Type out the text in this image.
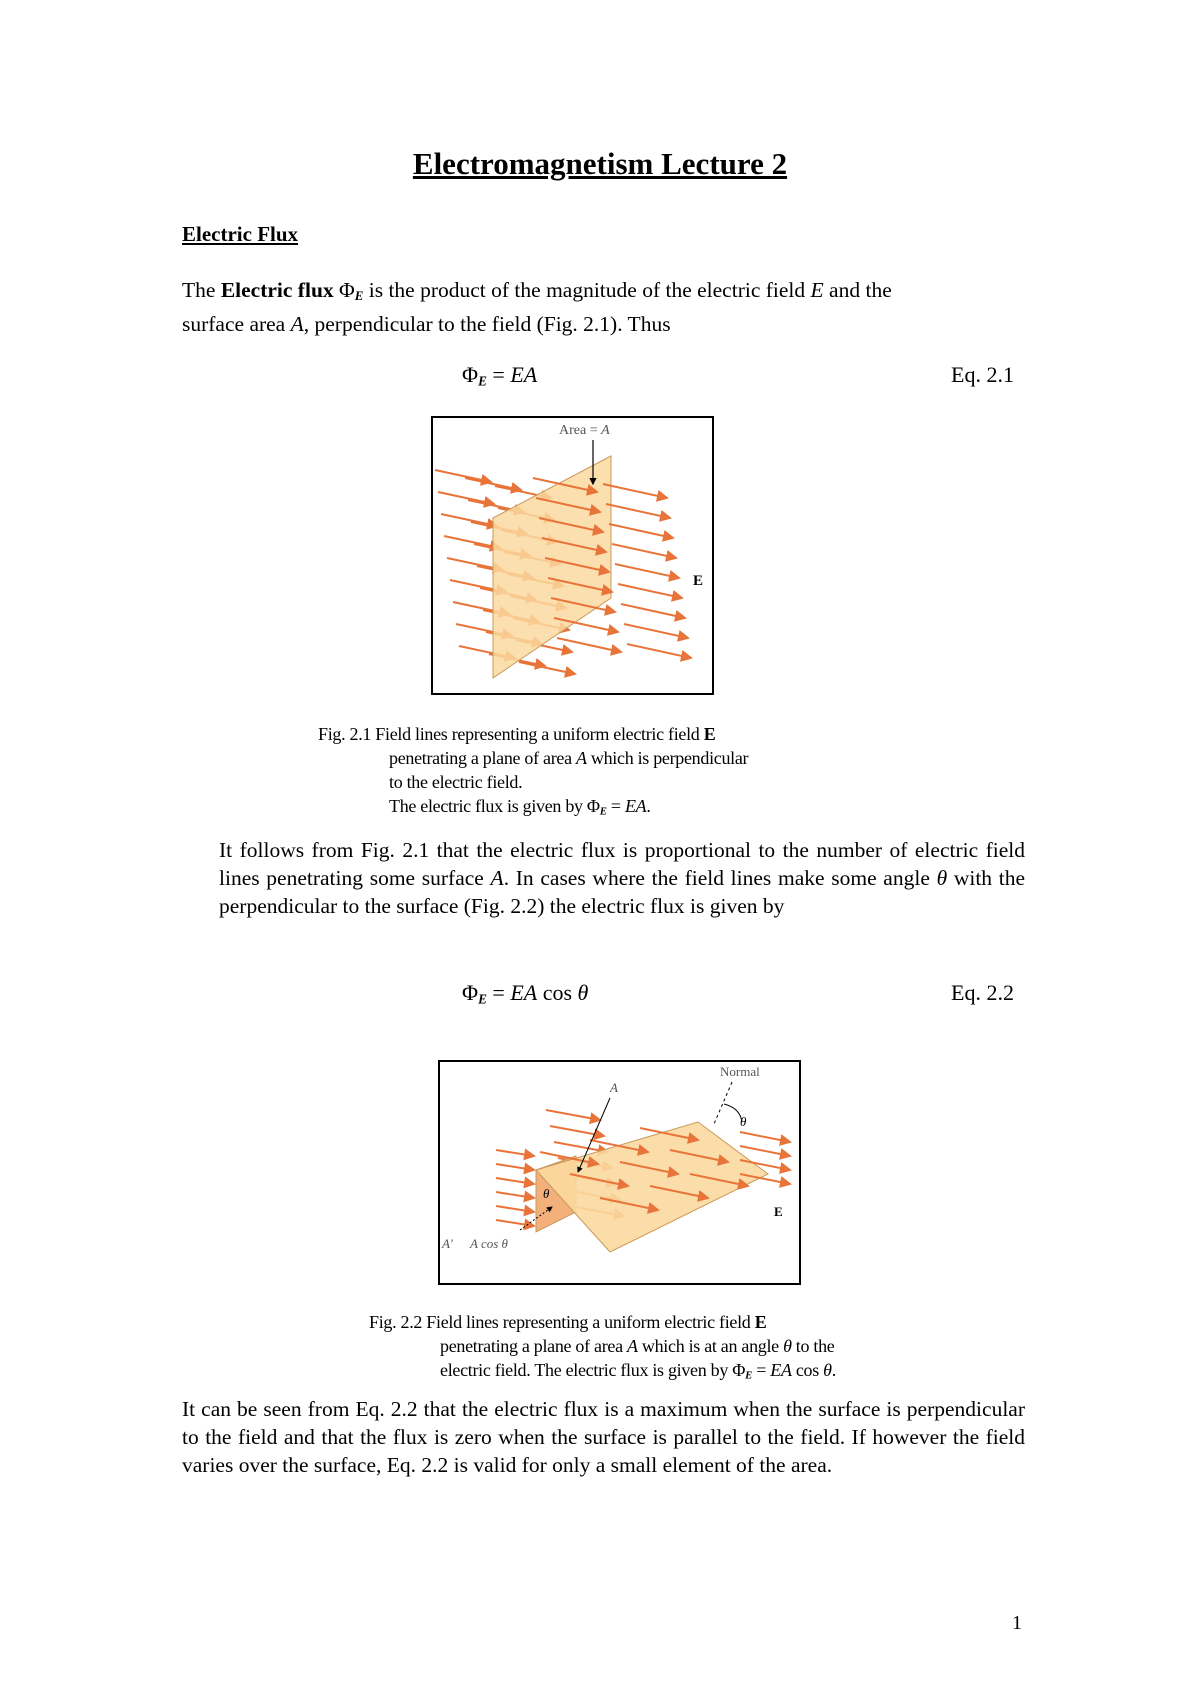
Electromagnetism Lecture 2
Electric Flux
The Electric flux $\Phi_E$ is the product of the magnitude of the electric field E and the
surface area A, perpendicular to the field (Fig. 2.1). Thus
$\Phi_E$ = EA	Eq. 2.1
Area = A
E
Fig. 2.1 Field lines representing a uniform electric field E
penetrating a plane of area A which is perpendicular
to the electric field.
The electric flux is given by $\Phi_E$ = EA.
It follows from Fig. 2.1 that the electric flux is proportional to the number of electric field lines penetrating some surface A. In cases where the field lines make some angle θ with the perpendicular to the surface (Fig. 2.2) the electric flux is given by
$\Phi_E$ = EA cos θ	Eq. 2.2
Normal
A
θ
θ
E
A′ A cos θ
Fig. 2.2 Field lines representing a uniform electric field E
penetrating a plane of area A which is at an angle θ to the
electric field. The electric flux is given by $\Phi_E$ = EA cos θ.
It can be seen from Eq. 2.2 that the electric flux is a maximum when the surface is perpendicular to the field and that the flux is zero when the surface is parallel to the field. If however the field varies over the surface, Eq. 2.2 is valid for only a small element of the area.
1
